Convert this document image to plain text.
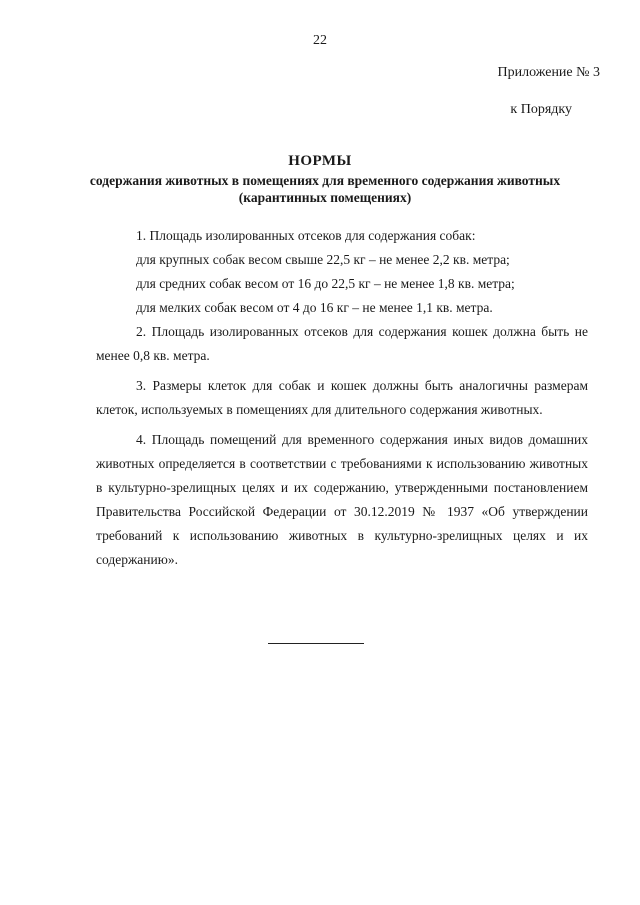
22
Приложение № 3
к Порядку
НОРМЫ
содержания животных в помещениях для временного содержания животных (карантинных помещениях)

1. Площадь изолированных отсеков для содержания собак:

для крупных собак весом свыше 22,5 кг – не менее 2,2 кв. метра;

для средних собак весом от 16 до 22,5 кг – не менее 1,8 кв. метра;

для мелких собак весом от 4 до 16 кг – не менее 1,1 кв. метра.

2. Площадь изолированных отсеков для содержания кошек должна быть не менее 0,8 кв. метра.

3. Размеры клеток для собак и кошек должны быть аналогичны размерам клеток, используемых в помещениях для длительного содержания животных.

4. Площадь помещений для временного содержания иных видов домашних животных определяется в соответствии с требованиями к использованию животных в культурно-зрелищных целях и их содержанию, утвержденными постановлением Правительства Российской Федерации от 30.12.2019 № 1937 «Об утверждении требований к использованию животных в культурно-зрелищных целях и их содержанию».
